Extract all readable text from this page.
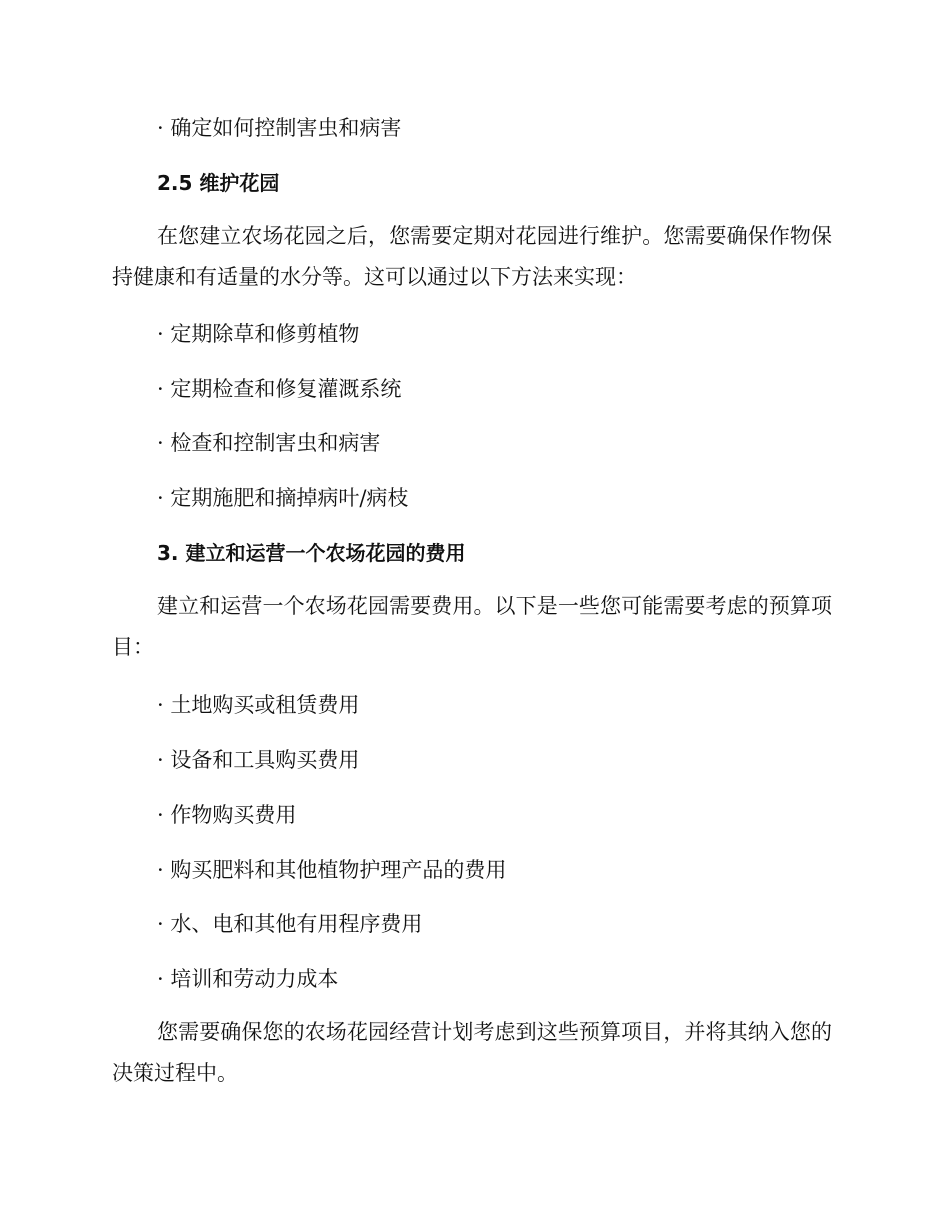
· 确定如何控制害虫和病害
2.5 维护花园

在您建立农场花园之后，您需要定期对花园进行维护。您需要确保作物保持健康和有适量的水分等。这可以通过以下方法来实现：

· 定期除草和修剪植物
· 定期检查和修复灌溉系统
· 检查和控制害虫和病害
· 定期施肥和摘掉病叶/病枝
3. 建立和运营一个农场花园的费用

建立和运营一个农场花园需要费用。以下是一些您可能需要考虑的预算项目：

· 土地购买或租赁费用
· 设备和工具购买费用
· 作物购买费用
· 购买肥料和其他植物护理产品的费用
· 水、电和其他有用程序费用
· 培训和劳动力成本

您需要确保您的农场花园经营计划考虑到这些预算项目，并将其纳入您的决策过程中。
